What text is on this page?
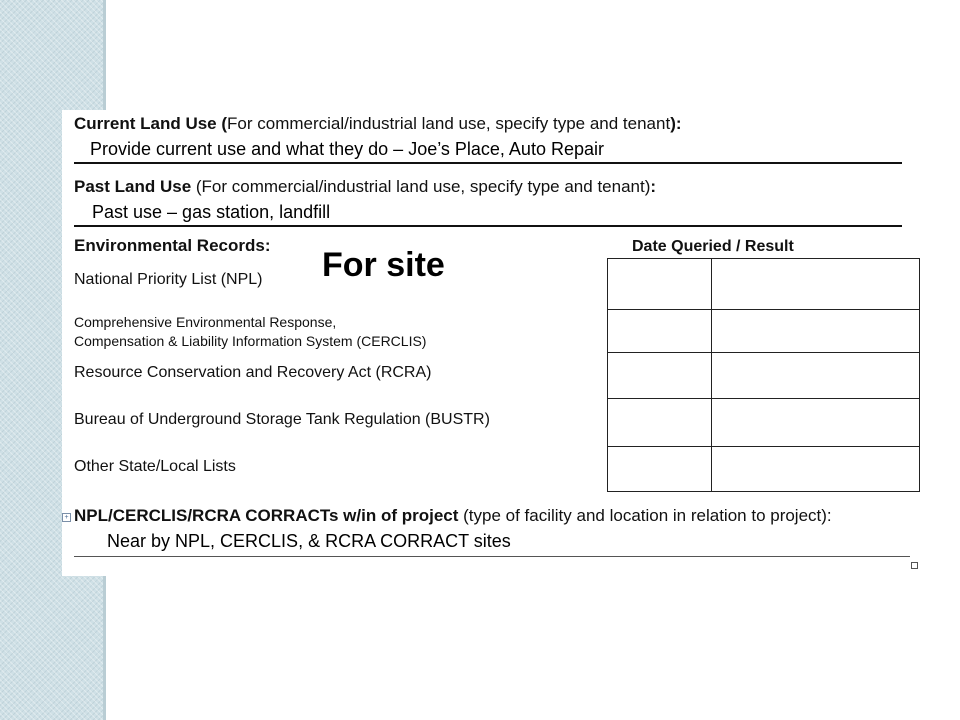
Current Land Use (For commercial/industrial land use, specify type and tenant):
Provide current use and what they do – Joe’s Place, Auto Repair
Past Land Use (For commercial/industrial land use, specify type and tenant):
Past use – gas station, landfill
Environmental Records:	Date Queried / Result
For site
National Priority List (NPL)
Comprehensive Environmental Response,
Compensation & Liability Information System (CERCLIS)
Resource Conservation and Recovery Act (RCRA)
Bureau of Underground Storage Tank Regulation (BUSTR)
Other State/Local Lists

+ NPL/CERCLIS/RCRA CORRACTs w/in of project (type of facility and location in relation to project):
Near by NPL, CERCLIS, & RCRA CORRACT sites
